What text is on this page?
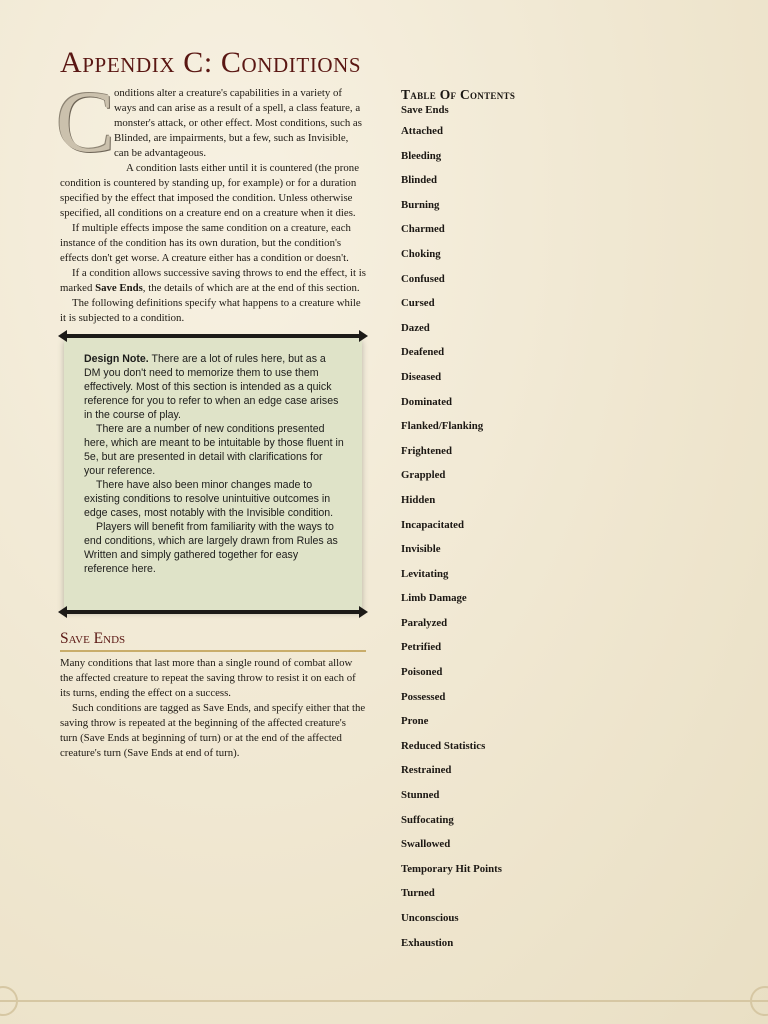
Appendix C: Conditions
C onditions alter a creature's capabilities in a variety of ways and can arise as a result of a spell, a class feature, a monster's attack, or other effect. Most conditions, such as Blinded, are impairments, but a few, such as Invisible, can be advantageous.

A condition lasts either until it is countered (the prone condition is countered by standing up, for example) or for a duration specified by the effect that imposed the condition. Unless otherwise specified, all conditions on a creature end on a creature when it dies.

If multiple effects impose the same condition on a creature, each instance of the condition has its own duration, but the condition's effects don't get worse. A creature either has a condition or doesn't.

If a condition allows successive saving throws to end the effect, it is marked Save Ends, the details of which are at the end of this section.

The following definitions specify what happens to a creature while it is subjected to a condition.

Design Note. There are a lot of rules here, but as a DM you don't need to memorize them to use them effectively. Most of this section is intended as a quick reference for you to refer to when an edge case arises in the course of play.

There are a number of new conditions presented here, which are meant to be intuitable by those fluent in 5e, but are presented in detail with clarifications for your reference.

There have also been minor changes made to existing conditions to resolve unintuitive outcomes in edge cases, most notably with the Invisible condition.

Players will benefit from familiarity with the ways to end conditions, which are largely drawn from Rules as Written and simply gathered together for easy reference here.

Save Ends

Many conditions that last more than a single round of combat allow the affected creature to repeat the saving throw to resist it on each of its turns, ending the effect on a success.

Such conditions are tagged as Save Ends, and specify either that the saving throw is repeated at the beginning of the affected creature's turn (Save Ends at beginning of turn) or at the end of the affected creature's turn (Save Ends at end of turn).

Table Of Contents
Save Ends
Attached
Bleeding
Blinded
Burning
Charmed
Choking
Confused
Cursed
Dazed
Deafened
Diseased
Dominated
Flanked/Flanking
Frightened
Grappled
Hidden
Incapacitated
Invisible
Levitating
Limb Damage
Paralyzed
Petrified
Poisoned
Possessed
Prone
Reduced Statistics
Restrained
Stunned
Suffocating
Swallowed
Temporary Hit Points
Turned
Unconscious
Exhaustion
